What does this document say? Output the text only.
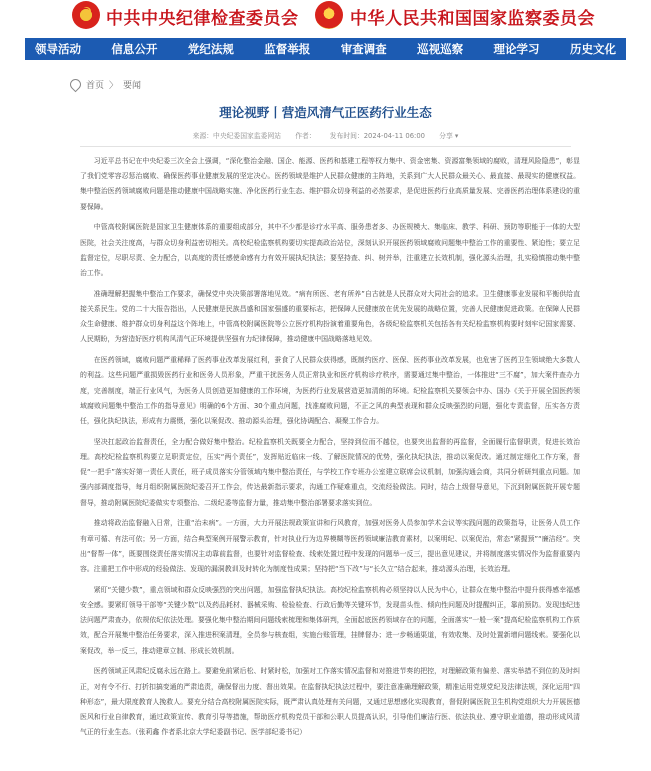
☭
中共中央纪律检查委员会
★	中华人民共和国国家监察委员会
领导活动	信息公开	党纪法规	监督举报	审查调查	巡视巡察	理论学习	历史文化
首页 〉 要闻
理论视野丨营造风清气正医药行业生态
来源：中央纪委国家监委网站 作者： 发布时间：2024-04-11 06:00 分享 ▾

习近平总书记在中央纪委三次全会上强调，“深化整治金融、国企、能源、医药和基建工程等权力集中、资金密集、资源富集领域的腐败，清理风险隐患”，彰显了我们党零容忍惩治腐败、确保医药事业健康发展的坚定决心。医药领域是维护人民群众健康的主阵地，关系到广大人民群众最关心、最直接、最现实的健康权益。集中整治医药领域腐败问题是推动健康中国战略实施、净化医药行业生态、维护群众切身利益的必然要求，是促进医药行业高质量发展、完善医药治理体系建设的重要保障。

中管高校附属医院是国家卫生健康体系的重要组成部分，其中不少都是诊疗水平高、服务患者多、办医规模大、集临床、教学、科研、预防等职能于一体的大型医院，社会关注度高，与群众切身利益密切相关。高校纪检监察机构要切实提高政治站位，深刻认识开展医药领域腐败问题集中整治工作的重要性、紧迫性；要立足监督定位，尽职尽责、全力配合，以高度的责任感使命感有力有效开展执纪执法；要坚持查、纠、树并举，注重建立长效机制，强化源头治理，扎实稳慎推动集中整治工作。

准确理解把握集中整治工作要求，确保党中央决策部署落地见效。“病有所医、老有所养”自古就是人民群众对大同社会的追求。卫生健康事业发展和平衡供给直接关系民生。党的二十大报告指出，人民健康是民族昌盛和国家强盛的重要标志，把保障人民健康放在优先发展的战略位置，完善人民健康促进政策。在保障人民群众生命健康、维护群众切身利益这个阵地上，中管高校附属医院等公立医疗机构扮演着重要角色，各级纪检监察机关包括各有关纪检监察机构要时刻牢记国家需要、人民期盼，为营造好医疗机构风清气正环境提供坚强有力纪律保障，推动健康中国战略落地见效。

在医药领域，腐败问题严重稀释了医药事业改革发展红利，蚕食了人民群众获得感，既制约医疗、医保、医药事业改革发展，也危害了医药卫生领域绝大多数人的利益。这些问题严重损毁医药行业和医务人员形象，严重干扰医务人员正常执业和医疗机构诊疗秩序，需要通过集中整治，一体推进“三不腐”，加大案件查办力度，完善制度，端正行业风气，为医务人员创造更加健康的工作环境，为医药行业发展营造更加清朗的环境。纪检监察机关要领会中办、国办《关于开展全国医药领域腐败问题集中整治工作的指导意见》明确的6个方面、30个重点问题，找准腐败问题，不正之风的典型表现和群众反映强烈的问题，强化专责监督，压实各方责任，强化执纪执法，形成有力震慑，强化以案促改、推动源头治理，强化协调配合、凝聚工作合力。

坚决扛起政治监督责任，全力配合做好集中整治。纪检监察机关既要全力配合，坚持到位而不越位，也要突出监督的再监督，全面履行监督职责，促进长效治理。高校纪检监察机构要立足职责定位，压实“两个责任”，发挥贴近临床一线、了解医院情况的优势，强化执纪执法，推动以案促改。通过制定细化工作方案，督促“一把手”落实好第一责任人责任，班子成员落实分管领域内集中整治责任，与学校工作专班办公室建立联席会议机制，加强沟通会商，共同分析研判重点问题。加强内部调度指导，每月组织附属医院纪委召开工作会，传达最新指示要求，沟通工作疑难重点，交流经验做法。同时，结合上级督导意见，下沉到附属医院开展专题督导，推动附属医院纪委做实专项整治、二级纪委等监督力量，推动集中整治部署要求落实到位。

推动将政治监督融入日常，注重“治未病”。一方面，大力开展法规政策宣讲和行风教育，加强对医务人员参加学术会议等实践问题的政策指导，让医务人员工作有章可循、有法可依；另一方面，结合典型案例开展警示教育，针对执业行为边界模糊等医药领域廉洁教育素材，以案明纪、以案促治，常态“紧握预”“廉洁经”。突出“督帮一体”，既要围绕责任落实情况主动靠前监督，也要针对监督检查、线索处置过程中发现的问题举一反三，提出意见建议，并将制度落实情况作为监督重要内容。注重把工作中形成的经验做法、发现的漏洞教训及时转化为制度性成果；坚持把“当下改”与“长久立”结合起来，推动源头治理，长效治理。

紧盯“关键少数”，重点领域和群众反映强烈的突出问题，加强监督执纪执法。高校纪检监察机构必须坚持以人民为中心，让群众在集中整治中提升获得感幸福感安全感。要紧盯领导干部等“关键少数”以及药品耗材、器械采购、检验检查、行政后勤等关键环节，发现苗头性、倾向性问题及时提醒纠正，靠前预防。发现违纪违法问题严肃查办，依规依纪依法处理。要强化集中整治期间问题线索梳理和集体研判，全面起底医药领域存在的问题，全面落实“一般一案”提高纪检监察机构工作质效，配合开展集中整治任务要求，深入推进积案清理，全员参与核查组，实施台账管理，挂牌督办；进一步畅通渠道，有效收集、及时处置新增问题线索。要强化以案促改，举一反三，推动建章立制、形成长效机制。

医药领域正风肃纪反腐永远在路上。要避免前紧后松、时紧时松，加强对工作落实情况监督和对推进节奏的把控，对理解政策有偏差、落实举措不到位的及时纠正，对有令不行、打折扣搞变通的严肃追责，确保督出力度、督出效果。在监督执纪执法过程中，要注意准确理解政策，精准运用党规党纪及法律法规，深化运用“四种形态”，最大限度教育人挽救人。要充分结合高校附属医院实际，既严肃认真处理有关问题，又通过思想感化实现教育，督促附属医院卫生机构党组织大力开展医德医风和行业自律教育，通过政策宣传、教育引导等措施，帮助医疗机构党员干部和公职人员提高认识，引导他们廉洁行医、依法执业、遵守职业道德，推动形成风清气正的行业生态。（张莉鑫 作者系北京大学纪委副书记、医学部纪委书记）
